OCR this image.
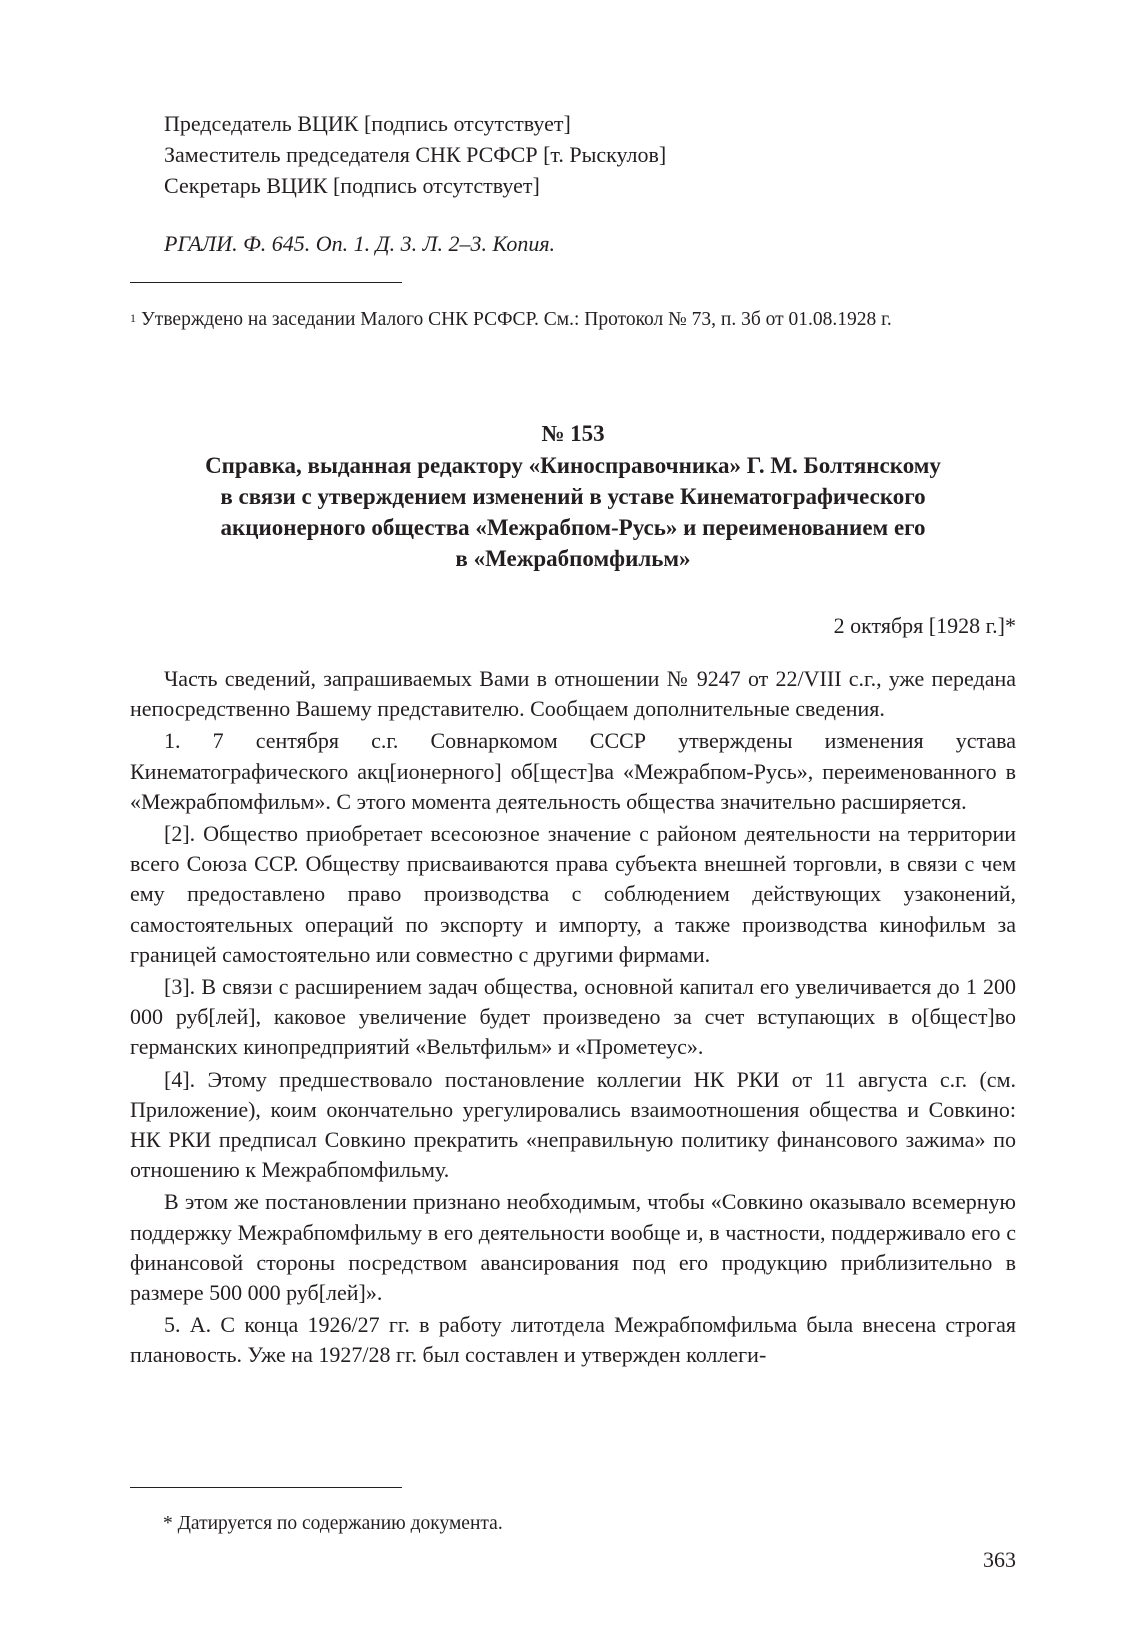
Председатель ВЦИК [подпись отсутствует]
Заместитель председателя СНК РСФСР [т. Рыскулов]
Секретарь ВЦИК [подпись отсутствует]
РГАЛИ. Ф. 645. Оп. 1. Д. 3. Л. 2–3. Копия.
$^1$ Утверждено на заседании Малого СНК РСФСР. См.: Протокол № 73, п. 3б от 01.08.1928 г.
№ 153
Справка, выданная редактору «Киносправочника» Г. М. Болтянскому
в связи с утверждением изменений в уставе Кинематографического
акционерного общества «Межрабпом-Русь» и переименованием его
в «Межрабпомфильм»
2 октября [1928 г.]*

Часть сведений, запрашиваемых Вами в отношении № 9247 от 22/VIII с.г., уже передана непосредственно Вашему представителю. Сообщаем дополнительные сведения.

1. 7 сентября с.г. Совнаркомом СССР утверждены изменения устава Кинематографического акц[ионерного] об[щест]ва «Межрабпом-Русь», переименованного в «Межрабпомфильм». С этого момента деятельность общества значительно расширяется.

[2]. Общество приобретает всесоюзное значение с районом деятельности на территории всего Союза ССР. Обществу присваиваются права субъекта внешней торговли, в связи с чем ему предоставлено право производства с соблюдением действующих узаконений, самостоятельных операций по экспорту и импорту, а также производства кинофильм за границей самостоятельно или совместно с другими фирмами.

[3]. В связи с расширением задач общества, основной капитал его увеличивается до 1 200 000 руб[лей], каковое увеличение будет произведено за счет вступающих в о[бщест]во германских кинопредприятий «Вельтфильм» и «Прометеус».

[4]. Этому предшествовало постановление коллегии НК РКИ от 11 августа с.г. (см. Приложение), коим окончательно урегулировались взаимоотношения общества и Совкино: НК РКИ предписал Совкино прекратить «неправильную политику финансового зажима» по отношению к Межрабпомфильму.

В этом же постановлении признано необходимым, чтобы «Совкино оказывало всемерную поддержку Межрабпомфильму в его деятельности вообще и, в частности, поддерживало его с финансовой стороны посредством авансирования под его продукцию приблизительно в размере 500 000 руб[лей]».

5. А. С конца 1926/27 гг. в работу литотдела Межрабпомфильма была внесена строгая плановость. Уже на 1927/28 гг. был составлен и утвержден коллеги-

* Датируется по содержанию документа.
363
